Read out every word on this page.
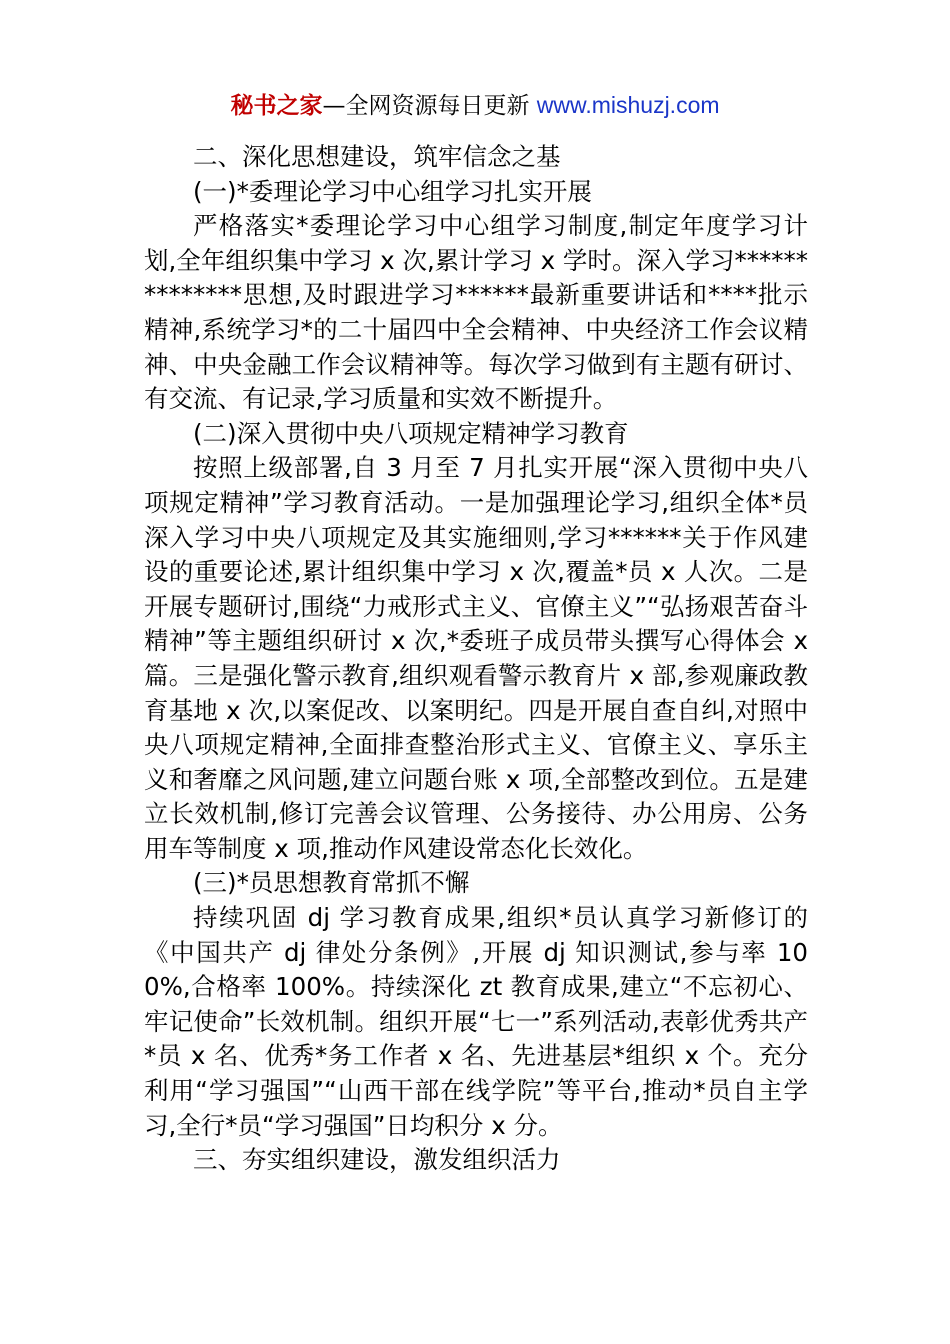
秘书之家—全网资源每日更新 www.mishuzj.com

二、深化思想建设，筑牢信念之基

(一)*委理论学习中心组学习扎实开展

严格落实*委理论学习中心组学习制度,制定年度学习计划,全年组织集中学习 x 次,累计学习 x 学时。深入学习**************思想,及时跟进学习******最新重要讲话和****批示精神,系统学习*的二十届四中全会精神、中央经济工作会议精神、中央金融工作会议精神等。每次学习做到有主题有研讨、有交流、有记录,学习质量和实效不断提升。

(二)深入贯彻中央八项规定精神学习教育

按照上级部署,自 3 月至 7 月扎实开展“深入贯彻中央八项规定精神”学习教育活动。一是加强理论学习,组织全体*员深入学习中央八项规定及其实施细则,学习******关于作风建设的重要论述,累计组织集中学习 x 次,覆盖*员 x 人次。二是开展专题研讨,围绕“力戒形式主义、官僚主义”“弘扬艰苦奋斗精神”等主题组织研讨 x 次,*委班子成员带头撰写心得体会 x 篇。三是强化警示教育,组织观看警示教育片 x 部,参观廉政教育基地 x 次,以案促改、以案明纪。四是开展自查自纠,对照中央八项规定精神,全面排查整治形式主义、官僚主义、享乐主义和奢靡之风问题,建立问题台账 x 项,全部整改到位。五是建立长效机制,修订完善会议管理、公务接待、办公用房、公务用车等制度 x 项,推动作风建设常态化长效化。

(三)*员思想教育常抓不懈

持续巩固 dj 学习教育成果,组织*员认真学习新修订的《中国共产 dj 律处分条例》,开展 dj 知识测试,参与率 100%,合格率 100%。持续深化 zt 教育成果,建立“不忘初心、牢记使命”长效机制。组织开展“七一”系列活动,表彰优秀共产*员 x 名、优秀*务工作者 x 名、先进基层*组织 x 个。充分利用“学习强国”“山西干部在线学院”等平台,推动*员自主学习,全行*员“学习强国”日均积分 x 分。

三、夯实组织建设，激发组织活力
